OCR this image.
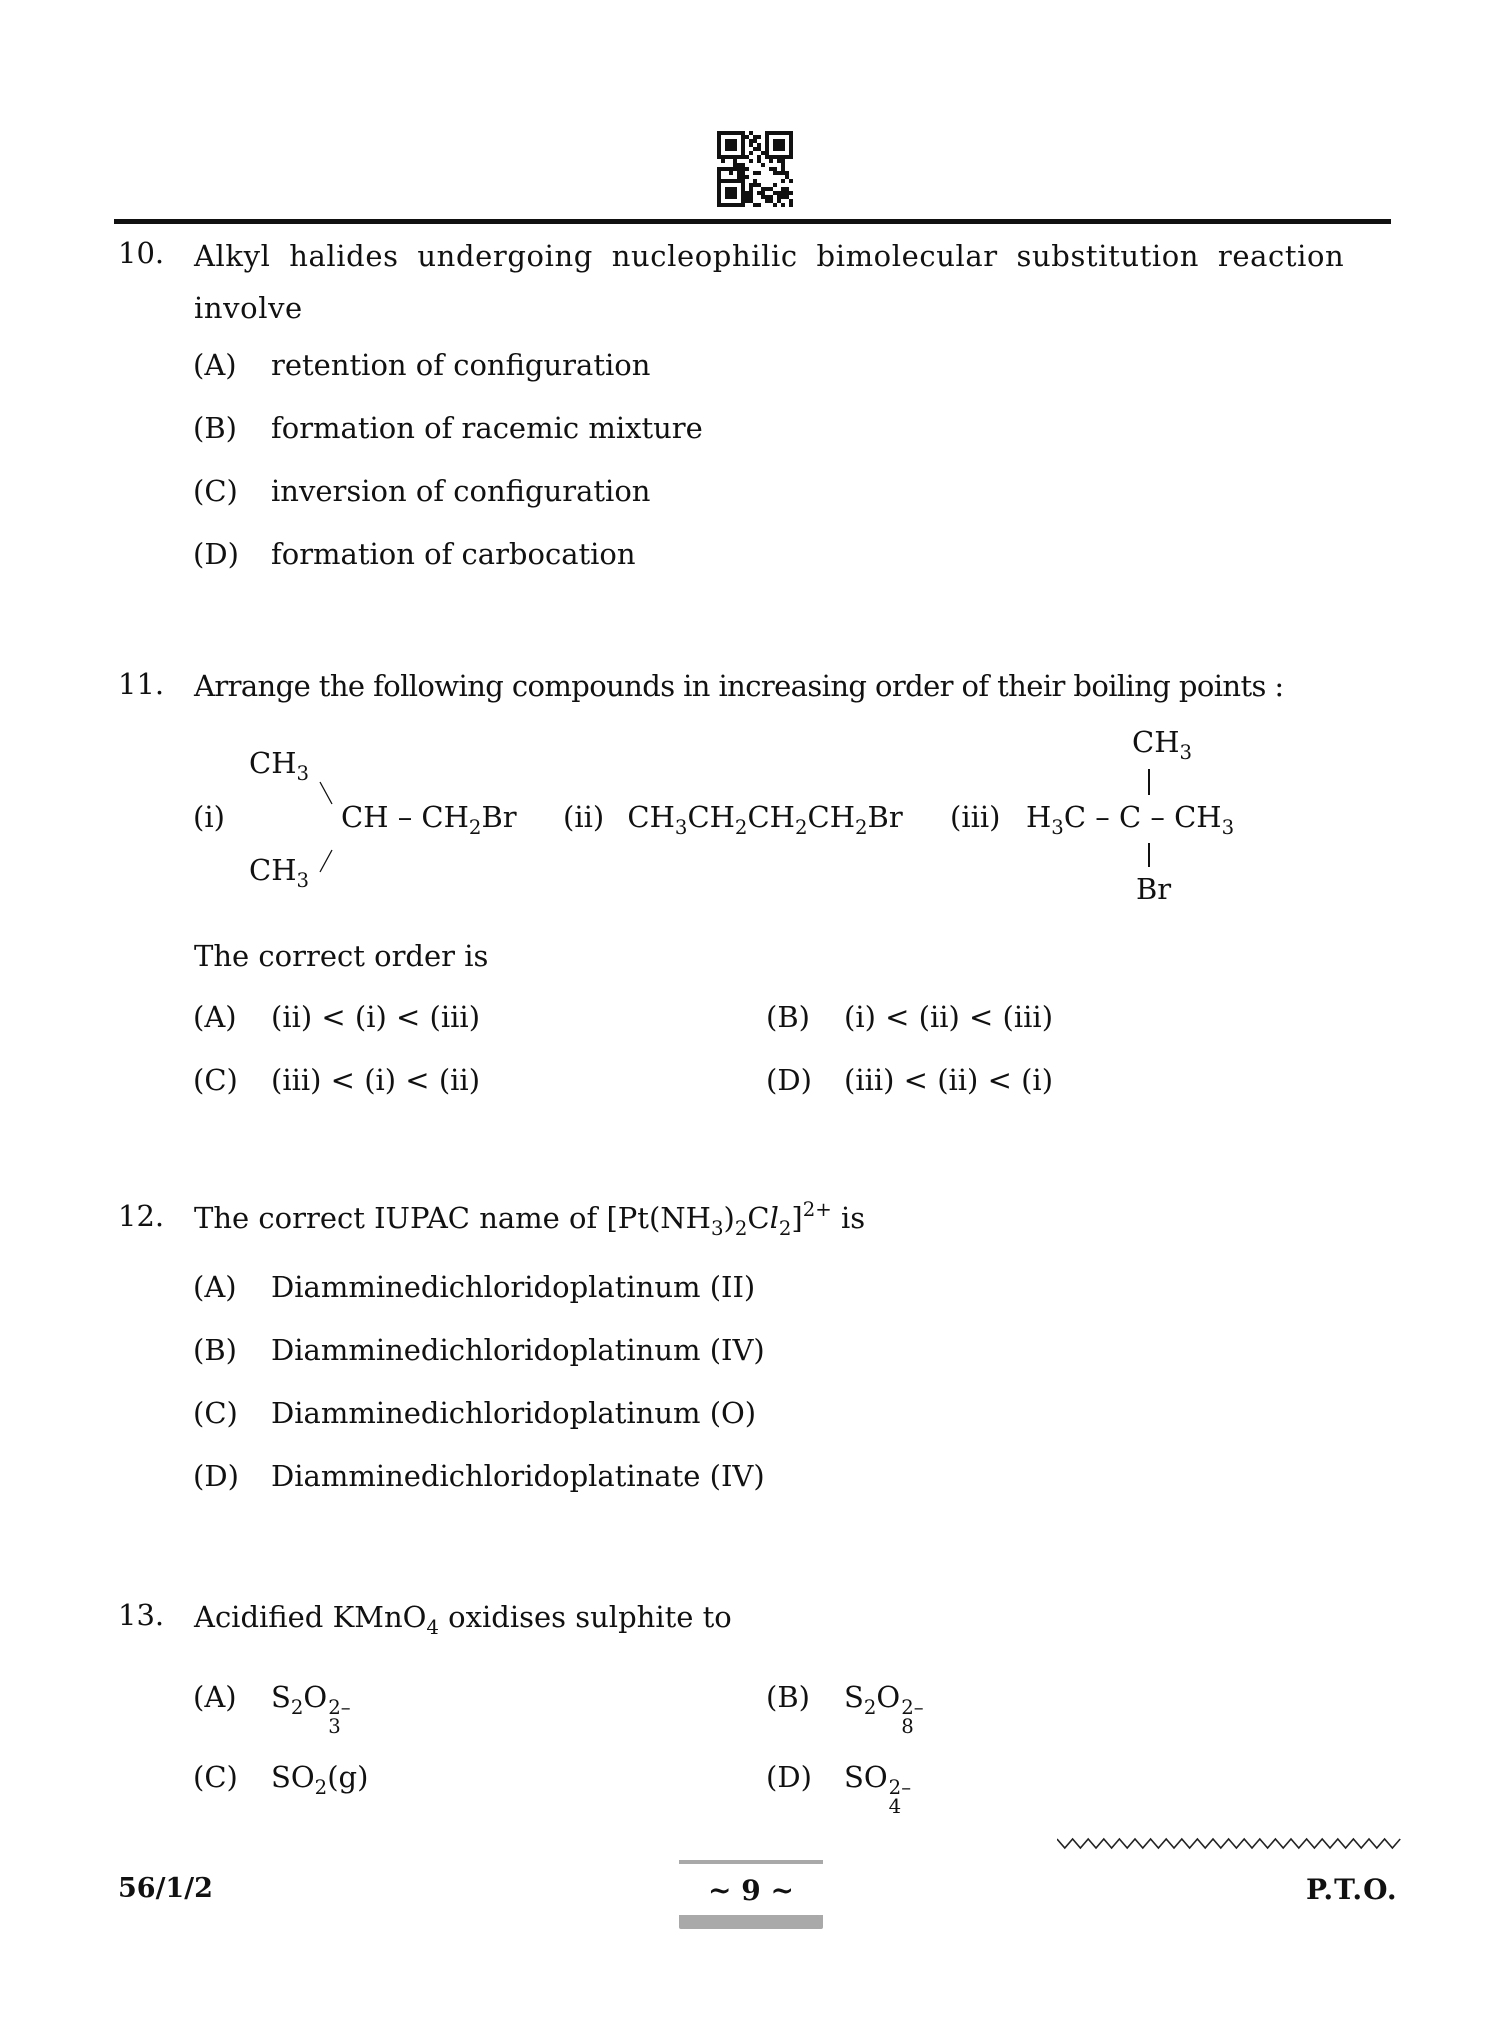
10. Alkyl halides undergoing nucleophilic bimolecular substitution reaction
involve
(A)	retention of configuration
(B)	formation of racemic mixture
(C)	inversion of configuration
(D)	formation of carbocation
11. Arrange the following compounds in increasing order of their boiling points :
(i)
$CH_3$
$CH_3$
CH – $CH_2Br$ (ii) $CH_3CH_2CH_2CH_2Br$ (iii)
$CH_3$
$H_3C$ – C – $CH_3$
Br
The correct order is
(A)	(ii) < (i) < (iii)	(B)	(i) < (ii) < (iii)
(C)	(iii) < (i) < (ii)	(D)	(iii) < (ii) < (i)
12. The correct IUPAC name of $[Pt(NH_3)_2Cl_2]^{2+}$ is
(A)	Diamminedichloridoplatinum (II)
(B)	Diamminedichloridoplatinum (IV)
(C)	Diamminedichloridoplatinum (O)
(D)	Diamminedichloridoplatinate (IV)
13. Acidified KMnO$_4$ oxidises sulphite to
(A)	$S_2O$ 2–
3
(B)	$S_2O$ 2–
8
(C)	$SO_2(g)$	(D)	SO 2–
4
56/1/2	~ 9 ~	P.T.O.
